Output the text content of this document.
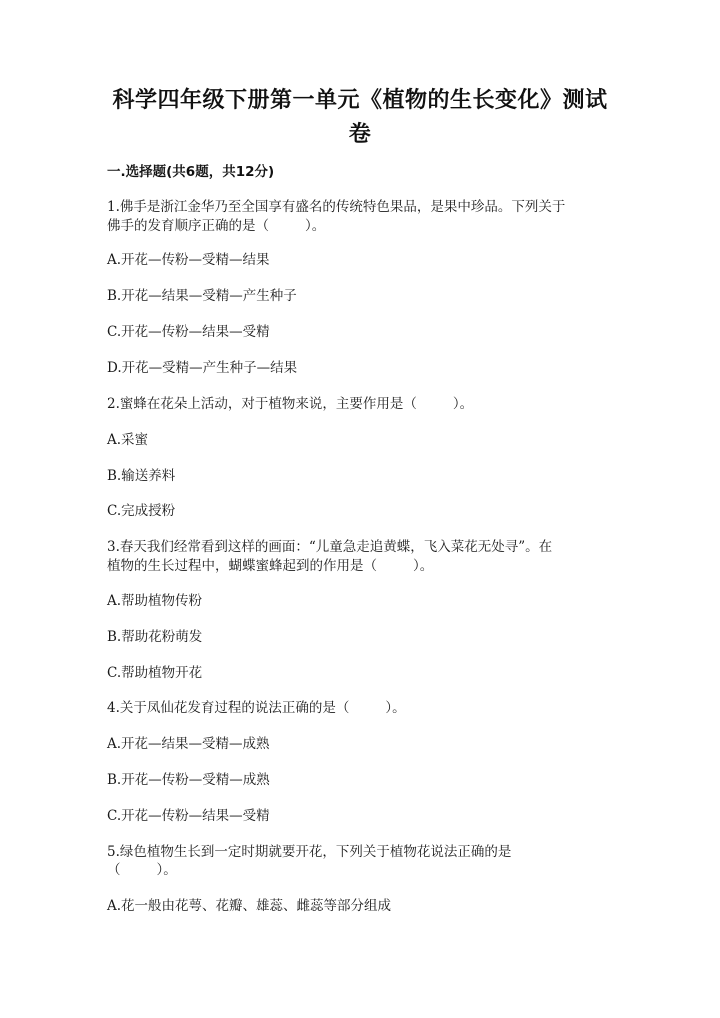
科学四年级下册第一单元《植物的生长变化》测试
卷
一.选择题(共6题，共12分)
1.佛手是浙江金华乃至全国享有盛名的传统特色果品，是果中珍品。下列关于
佛手的发育顺序正确的是（	）。
A.开花—传粉—受精—结果
B.开花—结果—受精—产生种子
C.开花—传粉—结果—受精
D.开花—受精—产生种子—结果
2.蜜蜂在花朵上活动，对于植物来说，主要作用是（	）。
A.采蜜
B.输送养料
C.完成授粉
3.春天我们经常看到这样的画面：“儿童急走追黄蝶，飞入菜花无处寻”。在
植物的生长过程中，蝴蝶蜜蜂起到的作用是（	）。
A.帮助植物传粉
B.帮助花粉萌发
C.帮助植物开花
4.关于凤仙花发育过程的说法正确的是（	）。
A.开花—结果—受精—成熟
B.开花—传粉—受精—成熟
C.开花—传粉—结果—受精
5.绿色植物生长到一定时期就要开花，下列关于植物花说法正确的是
（	）。
A.花一般由花萼、花瓣、雄蕊、雌蕊等部分组成
